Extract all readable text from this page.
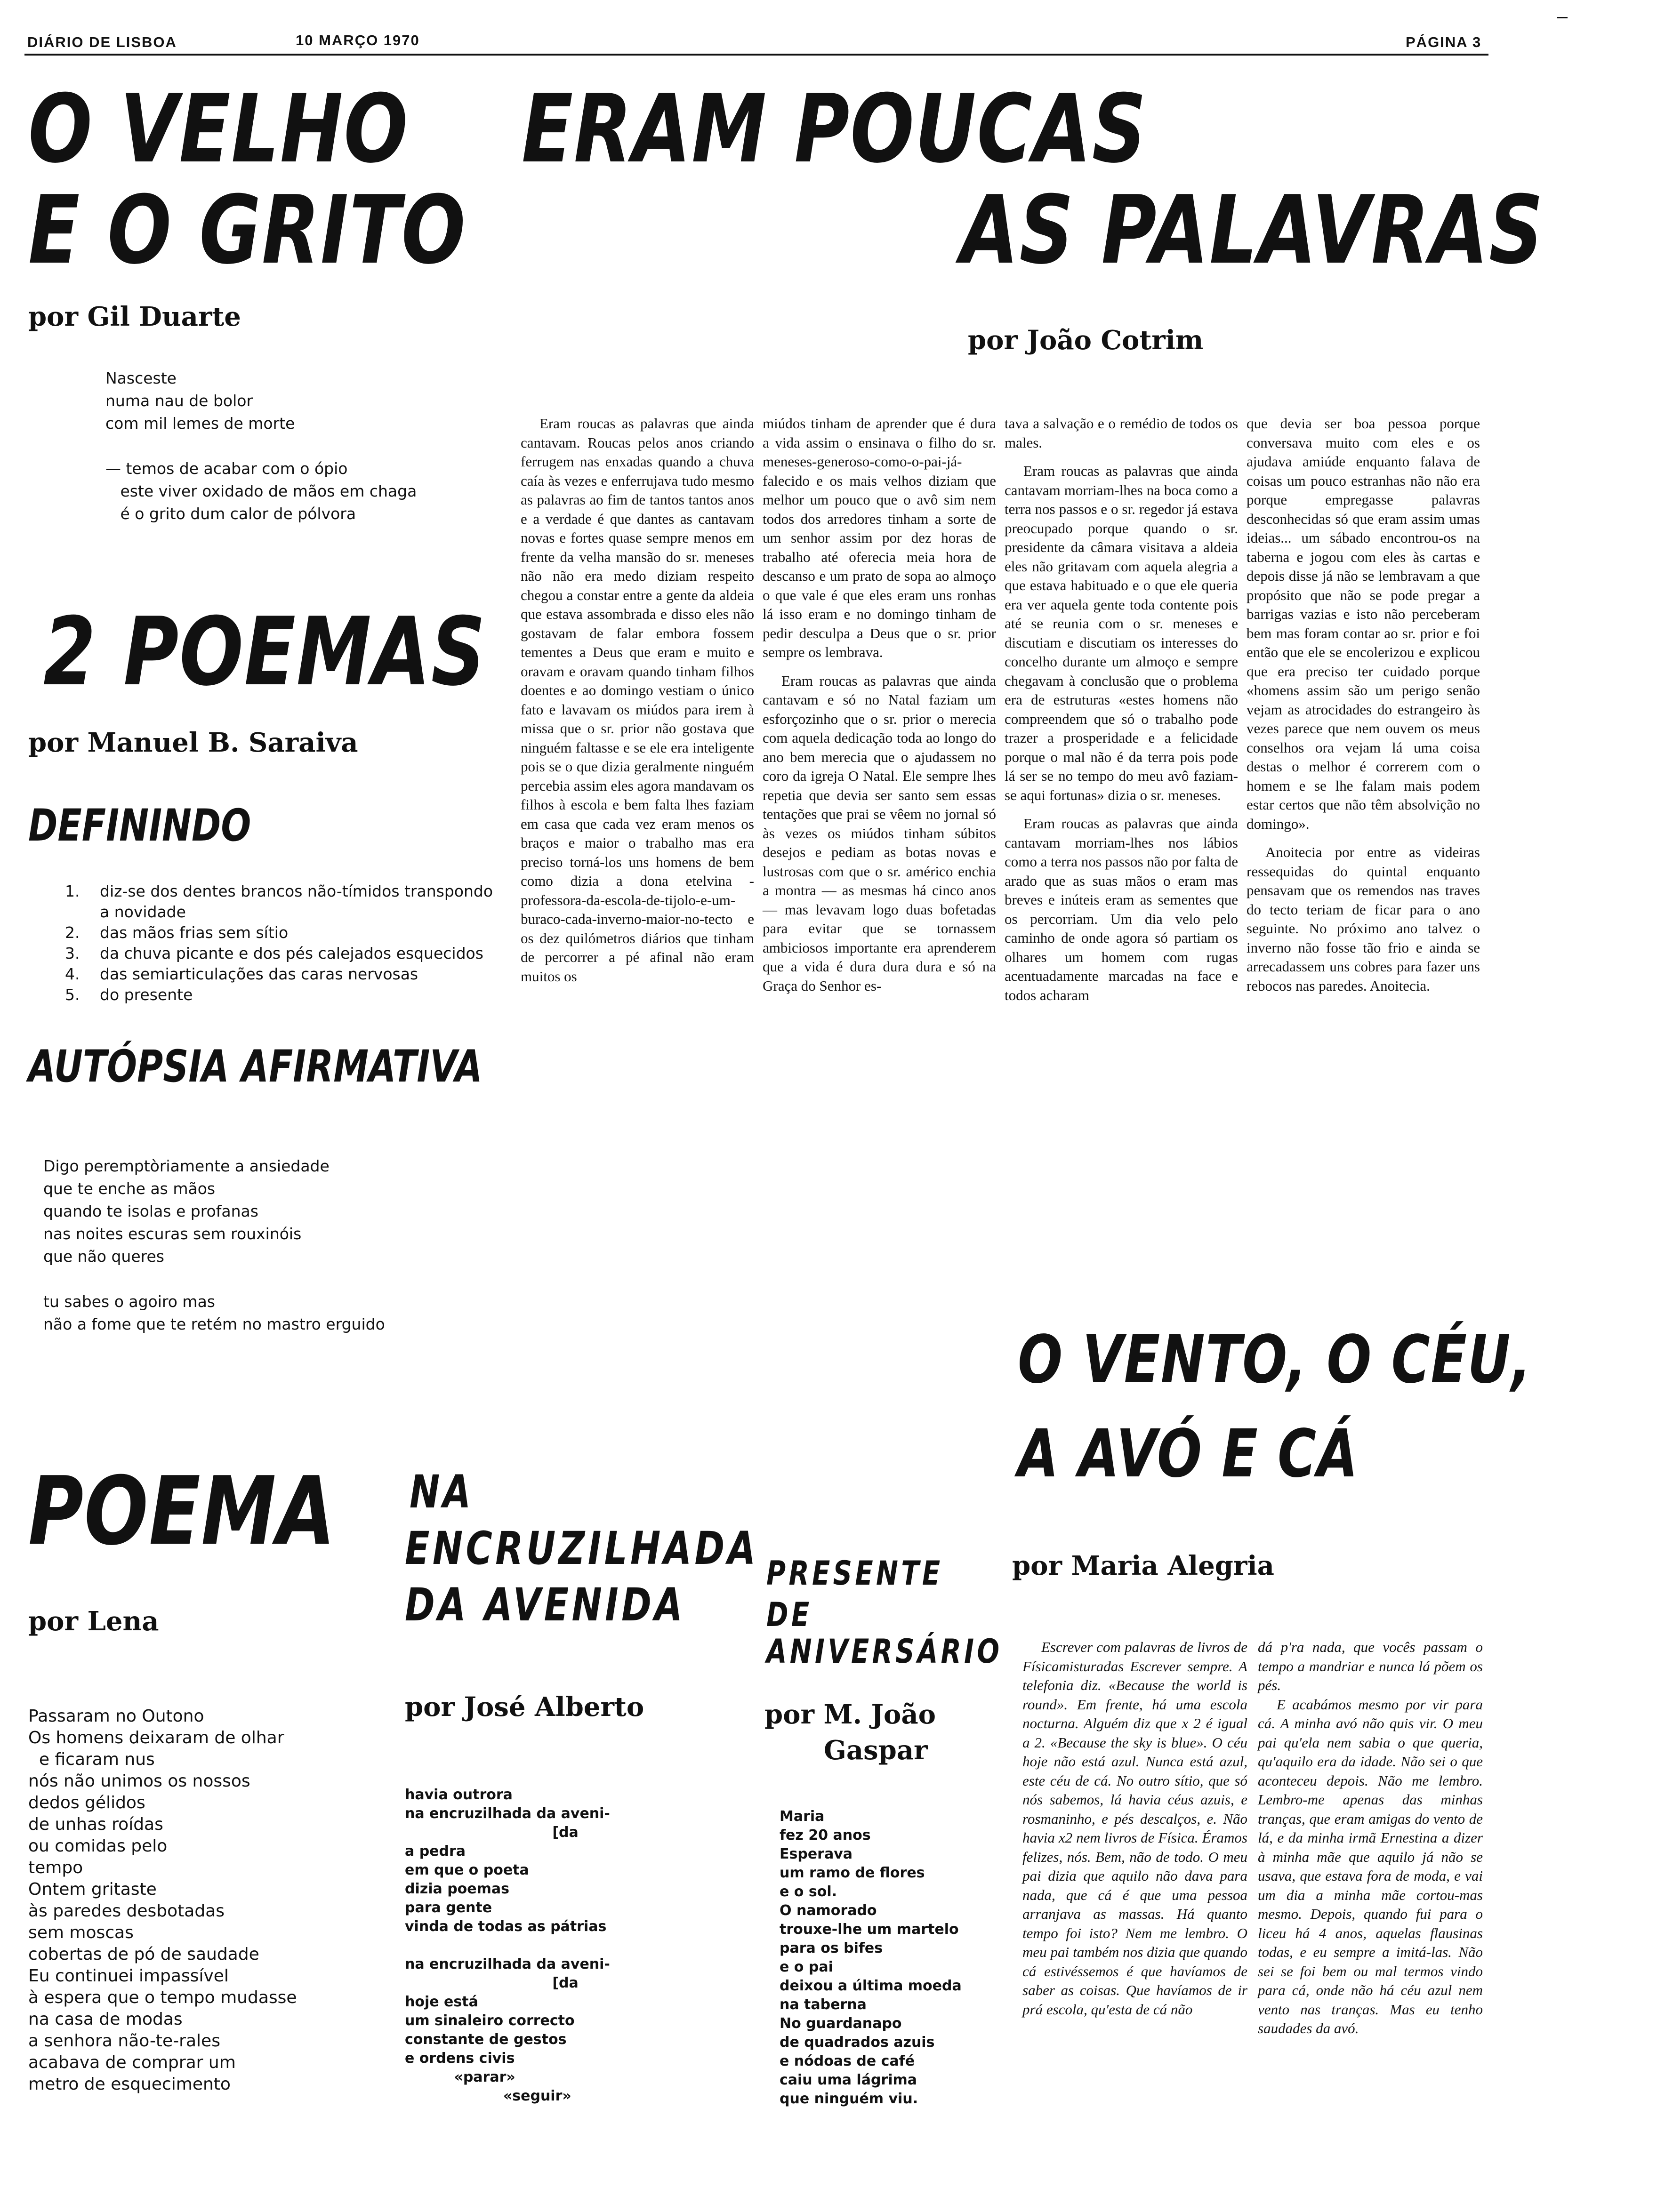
DIÁRIO DE LISBOA	10 MARÇO 1970	PÁGINA 3
O VELHO
E O GRITO
por Gil Duarte
Nasceste
numa nau de bolor
com mil lemes de morte

— temos de acabar com o ópio
este viver oxidado de mãos em chaga
é o grito dum calor de pólvora
2 POEMAS
por Manuel B. Saraiva
DEFININDO
1. diz-se dos dentes brancos não-tímidos transpondo a novidade
2. das mãos frias sem sítio
3. da chuva picante e dos pés calejados esquecidos
4. das semiarticulações das caras nervosas
5. do presente
AUTÓPSIA AFIRMATIVA
Digo peremptòriamente a ansiedade
que te enche as mãos
quando te isolas e profanas
nas noites escuras sem rouxinóis
que não queres

tu sabes o agoiro mas
não a fome que te retém no mastro erguido
ERAM POUCAS
AS PALAVRAS
por João Cotrim

Eram roucas as palavras que ainda cantavam. Roucas pelos anos criando ferrugem nas enxadas quando a chuva caía às vezes e enferrujava tudo mesmo as palavras ao fim de tantos tantos anos e a verdade é que dantes as cantavam novas e fortes quase sempre menos em frente da velha mansão do sr. meneses não não era medo diziam respeito chegou a constar entre a gente da aldeia que estava assombrada e disso eles não gostavam de falar embora fossem tementes a Deus que eram e muito e oravam e oravam quando tinham filhos doentes e ao domingo vestiam o único fato e lavavam os miúdos para irem à missa que o sr. prior não gostava que ninguém faltasse e se ele era inteligente pois se o que dizia geralmente ninguém percebia assim eles agora mandavam os filhos à escola e bem falta lhes faziam em casa que cada vez eram menos os braços e maior o trabalho mas era preciso torná-los uns homens de bem como dizia a dona etelvina - professora-da-escola-de-tijolo-e-um-buraco-cada-inverno-maior-no-tecto e os dez quilómetros diários que tinham de percorrer a pé afinal não eram muitos os

miúdos tinham de aprender que é dura a vida assim o ensinava o filho do sr. meneses-generoso-como-o-pai-já-falecido e os mais velhos diziam que melhor um pouco que o avô sim nem todos dos arredores tinham a sorte de um senhor assim por dez horas de trabalho até oferecia meia hora de descanso e um prato de sopa ao almoço o que vale é que eles eram uns ronhas lá isso eram e no domingo tinham de pedir desculpa a Deus que o sr. prior sempre os lembrava.

Eram roucas as palavras que ainda cantavam e só no Natal faziam um esforçozinho que o sr. prior o merecia com aquela dedicação toda ao longo do ano bem merecia que o ajudassem no coro da igreja O Natal. Ele sempre lhes repetia que devia ser santo sem essas tentações que prai se vêem no jornal só às vezes os miúdos tinham súbitos desejos e pediam as botas novas e lustrosas com que o sr. américo enchia a montra — as mesmas há cinco anos — mas levavam logo duas bofetadas para evitar que se tornassem ambiciosos importante era aprenderem que a vida é dura dura dura e só na Graça do Senhor es-

tava a salvação e o remédio de todos os males.

Eram roucas as palavras que ainda cantavam morriam-lhes na boca como a terra nos passos e o sr. regedor já estava preocupado porque quando o sr. presidente da câmara visitava a aldeia eles não gritavam com aquela alegria a que estava habituado e o que ele queria era ver aquela gente toda contente pois até se reunia com o sr. meneses e discutiam e discutiam os interesses do concelho durante um almoço e sempre chegavam à conclusão que o problema era de estruturas «estes homens não compreendem que só o trabalho pode trazer a prosperidade e a felicidade porque o mal não é da terra pois pode lá ser se no tempo do meu avô faziam-se aqui fortunas» dizia o sr. meneses.

Eram roucas as palavras que ainda cantavam morriam-lhes nos lábios como a terra nos passos não por falta de arado que as suas mãos o eram mas breves e inúteis eram as sementes que os percorriam. Um dia velo pelo caminho de onde agora só partiam os olhares um homem com rugas acentuadamente marcadas na face e todos acharam

que devia ser boa pessoa porque conversava muito com eles e os ajudava amiúde enquanto falava de coisas um pouco estranhas não não era porque empregasse palavras desconhecidas só que eram assim umas ideias... um sábado encontrou-os na taberna e jogou com eles às cartas e depois disse já não se lembravam a que propósito que não se pode pregar a barrigas vazias e isto não perceberam bem mas foram contar ao sr. prior e foi então que ele se encolerizou e explicou que era preciso ter cuidado porque «homens assim são um perigo senão vejam as atrocidades do estrangeiro às vezes parece que nem ouvem os meus conselhos ora vejam lá uma coisa destas o melhor é correrem com o homem e se lhe falam mais podem estar certos que não têm absolvição no domingo».

Anoitecia por entre as videiras ressequidas do quintal enquanto pensavam que os remendos nas traves do tecto teriam de ficar para o ano seguinte. No próximo ano talvez o inverno não fosse tão frio e ainda se arrecadassem uns cobres para fazer uns rebocos nas paredes. Anoitecia.

POEMA
por Lena
Passaram no Outono
Os homens deixaram de olhar
e ficaram nus
nós não unimos os nossos
dedos gélidos
de unhas roídas
ou comidas pelo
tempo
Ontem gritaste
às paredes desbotadas
sem moscas
cobertas de pó de saudade
Eu continuei impassível
à espera que o tempo mudasse
na casa de modas
a senhora não-te-rales
acabava de comprar um
metro de esquecimento
NA
ENCRUZILHADA
DA AVENIDA
por José Alberto
havia outrora
na encruzilhada da aveni-
[da
a pedra
em que o poeta
dizia poemas
para gente
vinda de todas as pátrias

na encruzilhada da aveni-
[da
hoje está
um sinaleiro correcto
constante de gestos
e ordens civis
«parar»
«seguir»
PRESENTE
DE
ANIVERSÁRIO
por M. João
Gaspar
Maria
fez 20 anos
Esperava
um ramo de flores
e o sol.
O namorado
trouxe-lhe um martelo
para os bifes
e o pai
deixou a última moeda
na taberna
No guardanapo
de quadrados azuis
e nódoas de café
caiu uma lágrima
que ninguém viu.
O VENTO, O CÉU,
A AVÓ E CÁ
por Maria Alegria

Escrever com palavras de livros de Físicamisturadas Escrever sempre. A telefonia diz. «Because the world is round». Em frente, há uma escola nocturna. Alguém diz que x 2 é igual a 2. «Because the sky is blue». O céu hoje não está azul. Nunca está azul, este céu de cá. No outro sítio, que só nós sabemos, lá havia céus azuis, e rosmaninho, e pés descalços, e. Não havia x2 nem livros de Física. Éramos felizes, nós. Bem, não de todo. O meu pai dizia que aquilo não dava para nada, que cá é que uma pessoa arranjava as massas. Há quanto tempo foi isto? Nem me lembro. O meu pai também nos dizia que quando cá estivéssemos é que havíamos de saber as coisas. Que havíamos de ir prá escola, qu'esta de cá não

dá p'ra nada, que vocês passam o tempo a mandriar e nunca lá põem os pés.

E acabámos mesmo por vir para cá. A minha avó não quis vir. O meu pai qu'ela nem sabia o que queria, qu'aquilo era da idade. Não sei o que aconteceu depois. Não me lembro. Lembro-me apenas das minhas tranças, que eram amigas do vento de lá, e da minha irmã Ernestina a dizer à minha mãe que aquilo já não se usava, que estava fora de moda, e vai um dia a minha mãe cortou-mas mesmo. Depois, quando fui para o liceu há 4 anos, aquelas flausinas todas, e eu sempre a imitá-las. Não sei se foi bem ou mal termos vindo para cá, onde não há céu azul nem vento nas tranças. Mas eu tenho saudades da avó.
